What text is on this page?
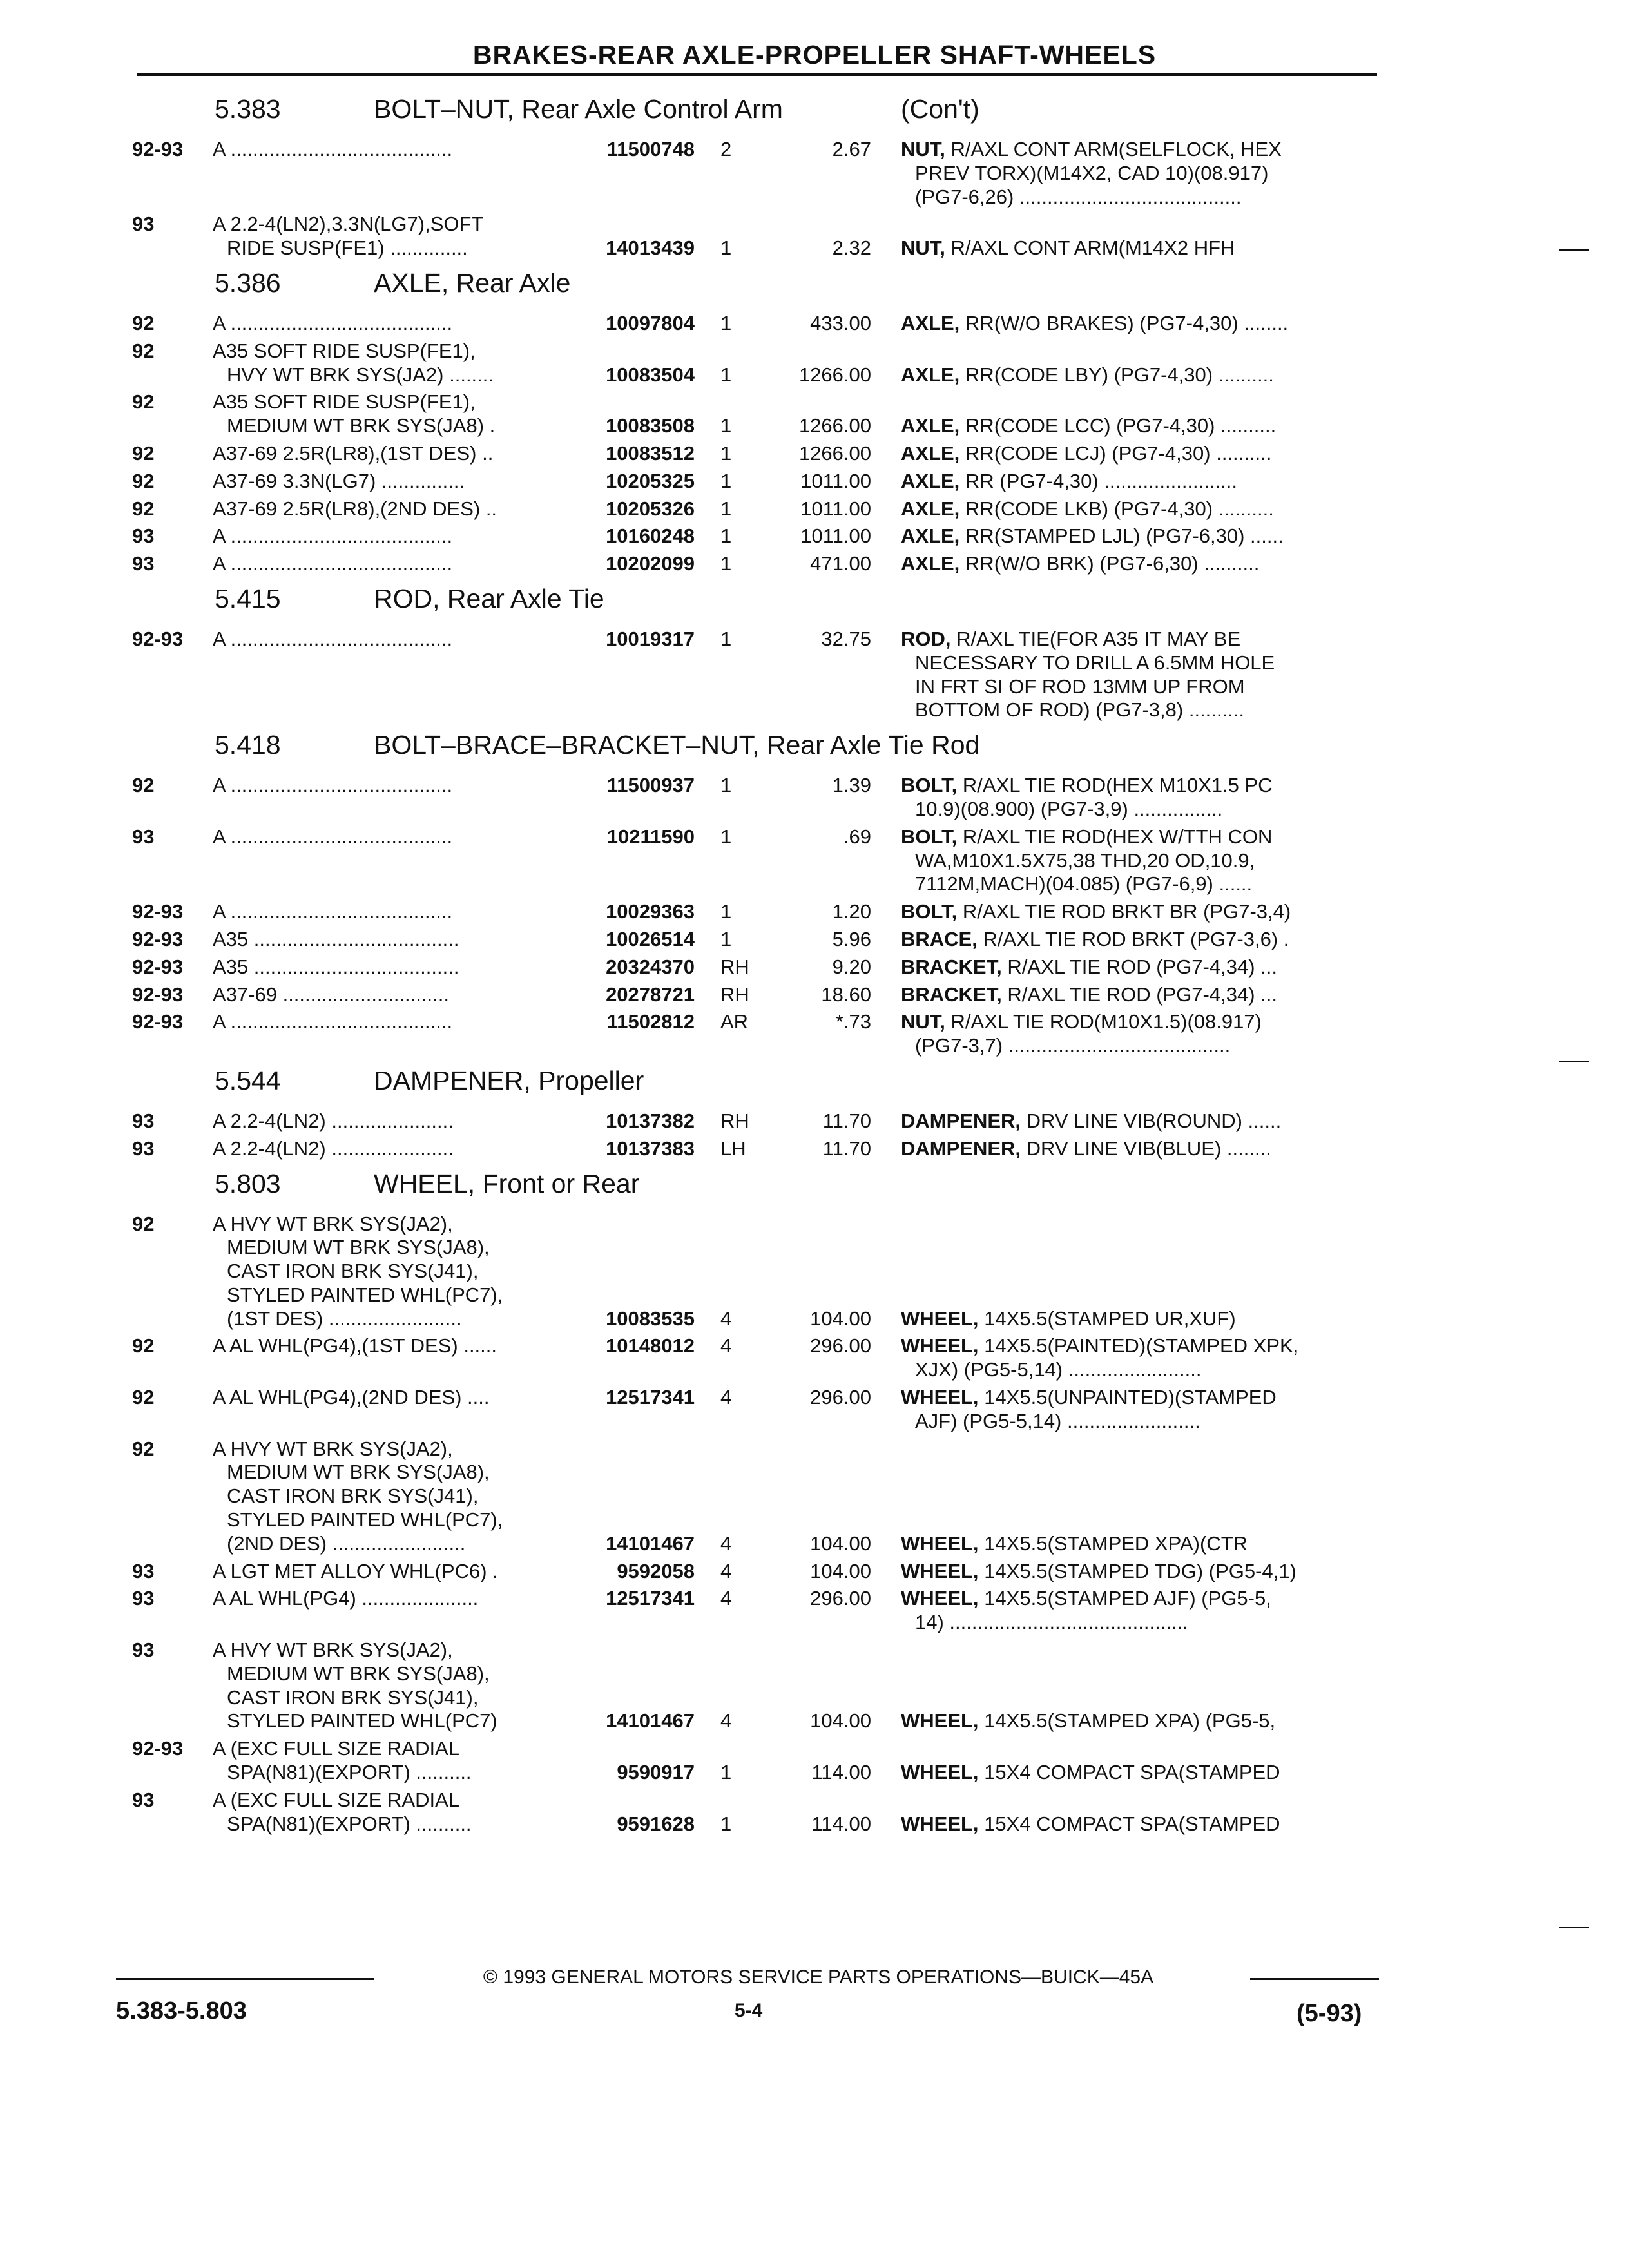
BRAKES-REAR AXLE-PROPELLER SHAFT-WHEELS
5.383	BOLT–NUT, Rear Axle Control Arm	(Con't)
92-93 A ........................................	11500748 2	2.67 NUT, R/AXL CONT ARM(SELFLOCK, HEX
PREV TORX)(M14X2, CAD 10)(08.917)
(PG7-6,26) ........................................
93	A 2.2-4(LN2),3.3N(LG7),SOFT
RIDE SUSP(FE1) ..............	14013439 1	2.32 NUT, R/AXL CONT ARM(M14X2 HFH
5.386	AXLE, Rear Axle
92	A ........................................	10097804 1	433.00 AXLE, RR(W/O BRAKES) (PG7-4,30) ........
92	A35 SOFT RIDE SUSP(FE1),
HVY WT BRK SYS(JA2) ........	10083504 1	1266.00 AXLE, RR(CODE LBY) (PG7-4,30) ..........
92	A35 SOFT RIDE SUSP(FE1),
MEDIUM WT BRK SYS(JA8) .	10083508 1	1266.00 AXLE, RR(CODE LCC) (PG7-4,30) ..........
92	A37-69 2.5R(LR8),(1ST DES) ..	10083512 1	1266.00 AXLE, RR(CODE LCJ) (PG7-4,30) ..........
92	A37-69 3.3N(LG7) ...............	10205325 1	1011.00 AXLE, RR (PG7-4,30) ........................
92	A37-69 2.5R(LR8),(2ND DES) ..	10205326 1	1011.00 AXLE, RR(CODE LKB) (PG7-4,30) ..........
93	A ........................................	10160248 1	1011.00 AXLE, RR(STAMPED LJL) (PG7-6,30) ......
93	A ........................................	10202099 1	471.00 AXLE, RR(W/O BRK) (PG7-6,30) ..........
5.415	ROD, Rear Axle Tie
92-93 A ........................................	10019317 1	32.75 ROD, R/AXL TIE(FOR A35 IT MAY BE
NECESSARY TO DRILL A 6.5MM HOLE
IN FRT SI OF ROD 13MM UP FROM
BOTTOM OF ROD) (PG7-3,8) ..........
5.418	BOLT–BRACE–BRACKET–NUT, Rear Axle Tie Rod
92	A ........................................	11500937 1	1.39 BOLT, R/AXL TIE ROD(HEX M10X1.5 PC
10.9)(08.900) (PG7-3,9) ................
93	A ........................................	10211590 1	.69 BOLT, R/AXL TIE ROD(HEX W/TTH CON
WA,M10X1.5X75,38 THD,20 OD,10.9,
7112M,MACH)(04.085) (PG7-6,9) ......
92-93 A ........................................	10029363 1	1.20 BOLT, R/AXL TIE ROD BRKT BR (PG7-3,4)
92-93 A35 .....................................	10026514 1	5.96 BRACE, R/AXL TIE ROD BRKT (PG7-3,6) .
92-93 A35 .....................................	20324370 RH	9.20 BRACKET, R/AXL TIE ROD (PG7-4,34) ...
92-93 A37-69 ..............................	20278721 RH	18.60 BRACKET, R/AXL TIE ROD (PG7-4,34) ...
92-93 A ........................................	11502812 AR	*.73 NUT, R/AXL TIE ROD(M10X1.5)(08.917)
(PG7-3,7) ........................................
5.544	DAMPENER, Propeller
93	A 2.2-4(LN2) ......................	10137382 RH	11.70 DAMPENER, DRV LINE VIB(ROUND) ......
93	A 2.2-4(LN2) ......................	10137383 LH	11.70 DAMPENER, DRV LINE VIB(BLUE) ........
5.803	WHEEL, Front or Rear
92	A HVY WT BRK SYS(JA2),
MEDIUM WT BRK SYS(JA8),
CAST IRON BRK SYS(J41),
STYLED PAINTED WHL(PC7),
(1ST DES) ........................	10083535 4	104.00 WHEEL, 14X5.5(STAMPED UR,XUF)
92	A AL WHL(PG4),(1ST DES) ......	10148012 4	296.00 WHEEL, 14X5.5(PAINTED)(STAMPED XPK,
XJX) (PG5-5,14) ........................
92	A AL WHL(PG4),(2ND DES) ....	12517341 4	296.00 WHEEL, 14X5.5(UNPAINTED)(STAMPED
AJF) (PG5-5,14) ........................
92	A HVY WT BRK SYS(JA2),
MEDIUM WT BRK SYS(JA8),
CAST IRON BRK SYS(J41),
STYLED PAINTED WHL(PC7),
(2ND DES) ........................	14101467 4	104.00 WHEEL, 14X5.5(STAMPED XPA)(CTR
93	A LGT MET ALLOY WHL(PC6) .	9592058 4	104.00 WHEEL, 14X5.5(STAMPED TDG) (PG5-4,1)
93	A AL WHL(PG4) .....................	12517341 4	296.00 WHEEL, 14X5.5(STAMPED AJF) (PG5-5,
14) ...........................................
93	A HVY WT BRK SYS(JA2),
MEDIUM WT BRK SYS(JA8),
CAST IRON BRK SYS(J41),
STYLED PAINTED WHL(PC7)	14101467 4	104.00 WHEEL, 14X5.5(STAMPED XPA) (PG5-5,
92-93 A (EXC FULL SIZE RADIAL
SPA(N81)(EXPORT) ..........	9590917 1	114.00 WHEEL, 15X4 COMPACT SPA(STAMPED
93	A (EXC FULL SIZE RADIAL
SPA(N81)(EXPORT) ..........	9591628 1	114.00 WHEEL, 15X4 COMPACT SPA(STAMPED
© 1993 GENERAL MOTORS SERVICE PARTS OPERATIONS—BUICK—45A
5.383-5.803	5-4	(5-93)
